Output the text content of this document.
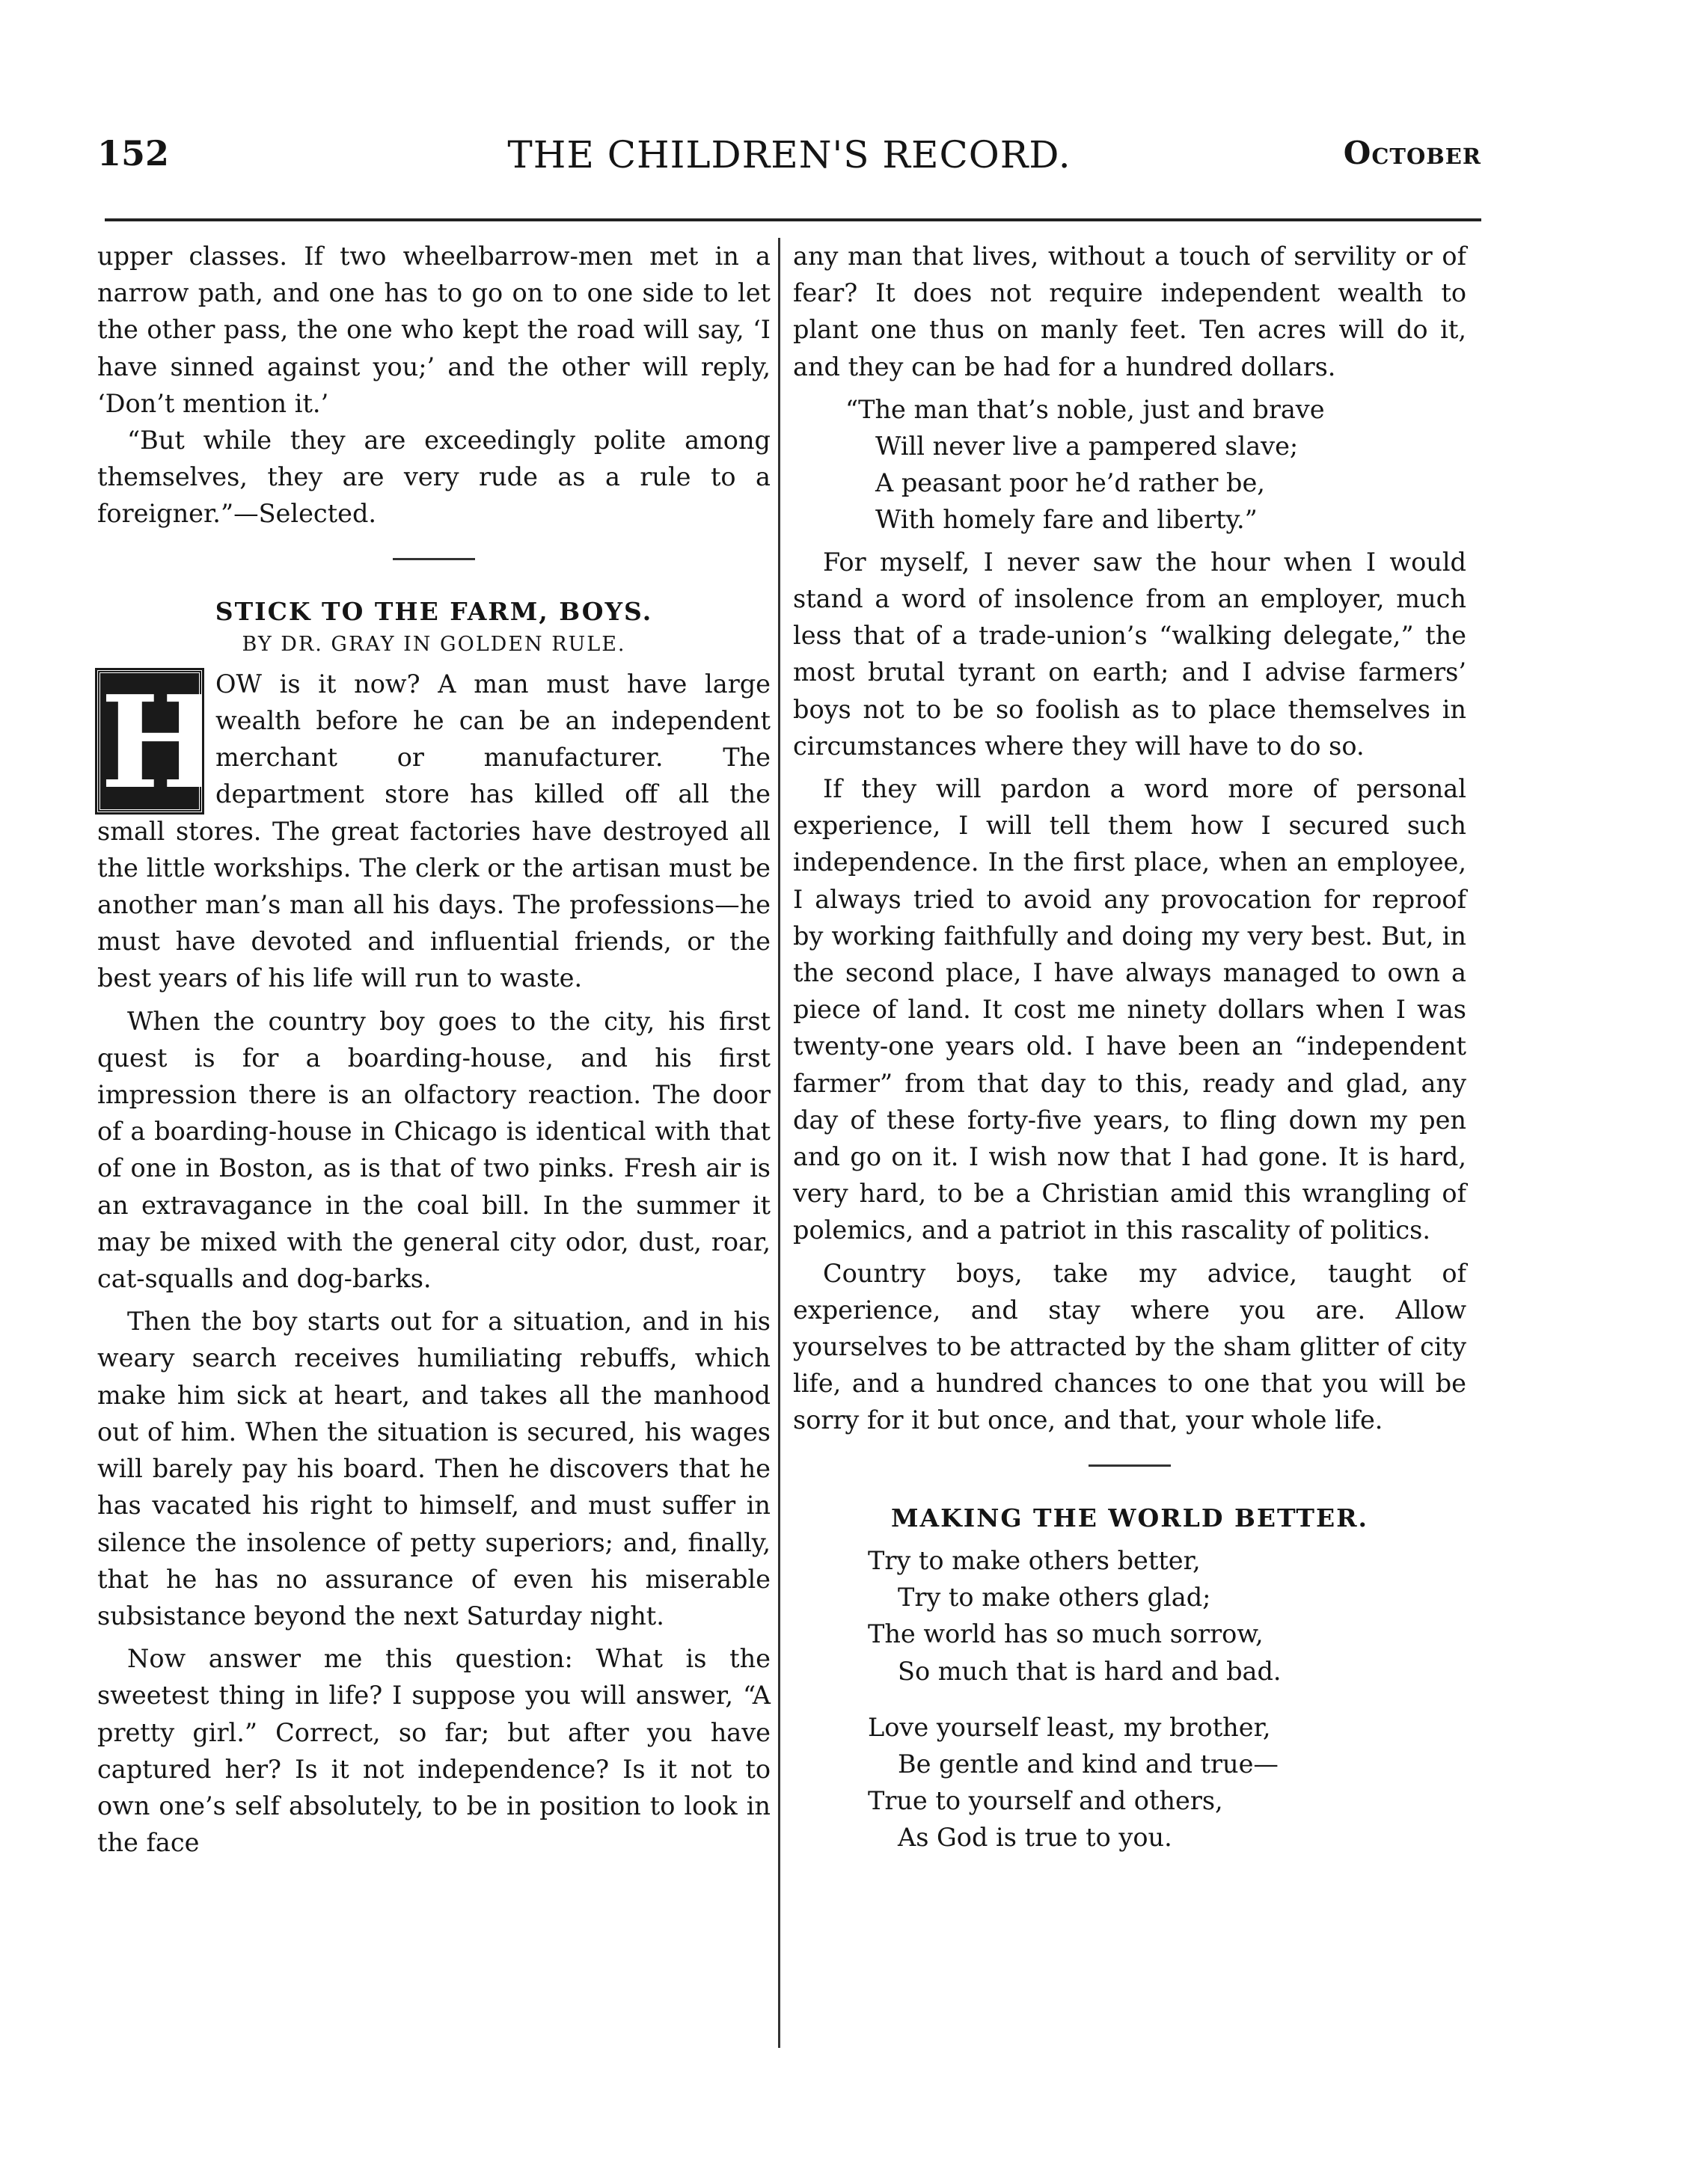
152	THE CHILDREN'S RECORD.	October

upper classes. If two wheelbarrow-men met in a narrow path, and one has to go on to one side to let the other pass, the one who kept the road will say, ‘I have sinned against you;’ and the other will reply, ‘Don’t mention it.’

“But while they are exceedingly polite among themselves, they are very rude as a rule to a foreigner.”—Selected.

STICK TO THE FARM, BOYS.

BY DR. GRAY IN GOLDEN RULE.

H
OW is it now? A man must have large wealth before he can be an independent merchant or manufacturer. The department store has killed off all the small stores. The great factories have destroyed all the little workships. The clerk or the artisan must be another man’s man all his days. The professions—he must have devoted and influential friends, or the best years of his life will run to waste.

When the country boy goes to the city, his first quest is for a boarding-house, and his first impression there is an olfactory reaction. The door of a boarding-house in Chicago is identical with that of one in Boston, as is that of two pinks. Fresh air is an extravagance in the coal bill. In the summer it may be mixed with the general city odor, dust, roar, cat-squalls and dog-barks.

Then the boy starts out for a situation, and in his weary search receives humiliating rebuffs, which make him sick at heart, and takes all the manhood out of him. When the situation is secured, his wages will barely pay his board. Then he discovers that he has vacated his right to himself, and must suffer in silence the insolence of petty superiors; and, finally, that he has no assurance of even his miserable subsistance beyond the next Saturday night.

Now answer me this question: What is the sweetest thing in life? I suppose you will answer, “A pretty girl.” Correct, so far; but after you have captured her? Is it not independence? Is it not to own one’s self absolutely, to be in position to look in the face

any man that lives, without a touch of servility or of fear? It does not require independent wealth to plant one thus on manly feet. Ten acres will do it, and they can be had for a hundred dollars.

“The man that’s noble, just and brave
Will never live a pampered slave;
A peasant poor he’d rather be,
With homely fare and liberty.”

For myself, I never saw the hour when I would stand a word of insolence from an employer, much less that of a trade-union’s “walking delegate,” the most brutal tyrant on earth; and I advise farmers’ boys not to be so foolish as to place themselves in circumstances where they will have to do so.

If they will pardon a word more of personal experience, I will tell them how I secured such independence. In the first place, when an employee, I always tried to avoid any provocation for reproof by working faithfully and doing my very best. But, in the second place, I have always managed to own a piece of land. It cost me ninety dollars when I was twenty-one years old. I have been an “independent farmer” from that day to this, ready and glad, any day of these forty-five years, to fling down my pen and go on it. I wish now that I had gone. It is hard, very hard, to be a Christian amid this wrangling of polemics, and a patriot in this rascality of politics.

Country boys, take my advice, taught of experience, and stay where you are. Allow yourselves to be attracted by the sham glitter of city life, and a hundred chances to one that you will be sorry for it but once, and that, your whole life.

MAKING THE WORLD BETTER.

Try to make others better,
Try to make others glad;
The world has so much sorrow,
So much that is hard and bad.
Love yourself least, my brother,
Be gentle and kind and true—
True to yourself and others,
As God is true to you.
